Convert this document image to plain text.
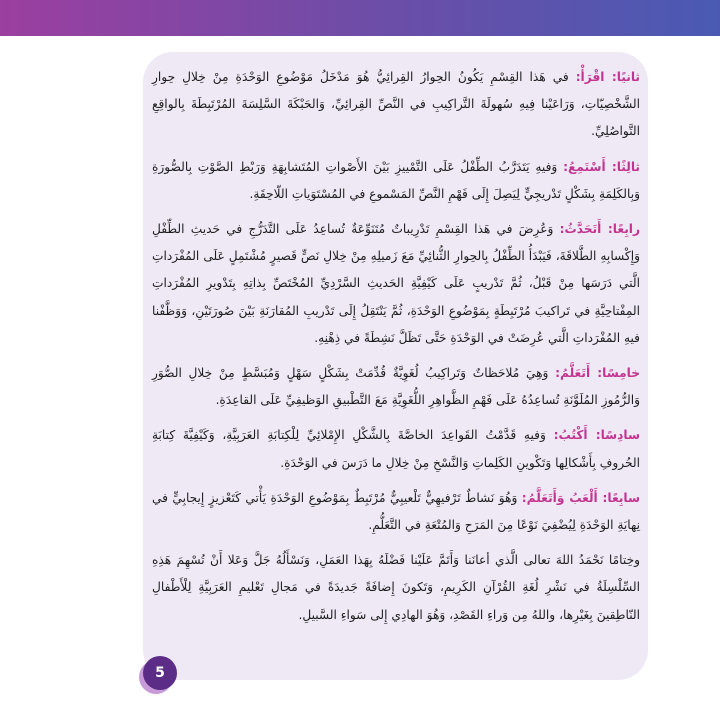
ثانيًا: اقْرَأْ: في هَذا القِسْمِ يَكُونُ الحِوارُ القِرائِيُّ هُوَ مَدْخَلُ مَوْضُوعِ الوَحْدَةِ مِنْ خِلالِ حِوارِ الشَّخْصِيّاتِ، وَرَاعَيْنا فِيهِ سُهولَةَ التَّراكِيبِ في النَّصِّ القِرائِيِّ، وَالحَبْكَةَ السَّلِسَةَ المُرْتَبِطَةَ بِالواقِعِ التَّواصُلِيِّ.

ثالِثًا: أَسْتَمِعُ: وَفيهِ يَتَدَرَّبُ الطِّفْلُ عَلَى التَّمْييزِ بَيْنَ الأَصْواتِ المُتَشابِهَةِ وَرَبْطِ الصَّوْتِ بِالصُّورَةِ وَبِالكَلِمَةِ بِشَكْلٍ تَدْريجِيٍّ لِيَصِلَ إِلَى فَهْمِ النَّصِّ المَسْموعِ في المُسْتَوَياتِ اللّاحِقَةِ.

رابِعًا: أَتَحَدَّثُ: وَعُرِضَ في هَذا القِسْمِ تَدْرِيباتٌ مُتَنَوِّعَةٌ تُساعِدُ عَلَى التَّدَرُّجِ في حَديثِ الطِّفْلِ وَإِكْسابِهِ الطَّلاقَةَ، فَيَبْدَأُ الطِّفْلُ بِالحِوارِ الثُّنائِيِّ مَعَ زَميلِهِ مِنْ خِلالِ نَصٍّ قَصيرٍ مُشْتَمِلٍ عَلَى المُفْرَداتِ الَّتي دَرَسَها مِنْ قَبْلُ، ثُمَّ تَدْريبٍ عَلَى كَيْفِيَّةِ الحَديثِ السَّرْدِيِّ المُخْتَصِّ بِذاتِهِ بِتَدْويرِ المُفْرَداتِ المِفْتاحِيَّةِ في تَراكيبَ مُرْتَبِطَةٍ بِمَوْضُوعِ الوَحْدَةِ، ثُمَّ يَنْتَقِلُ إِلَى تَدْريبِ المُقارَنَةِ بَيْنَ صُورَتَيْنِ، وَوَظَّفْنا فيهِ المُفْرَداتِ الَّتي عُرِضَتْ في الوَحْدَةِ حَتَّى تَظَلَّ نَشِطَةً في ذِهْنِهِ.

خامِسًا: أَتَعَلَّمُ: وَهِيَ مُلاحَظاتٌ وَتَراكِيبُ لُغَوِيَّةٌ قُدِّمَتْ بِشَكْلٍ سَهْلٍ وَمُبَسَّطٍ مِنْ خِلالِ الصُّوَرِ وَالرُّمُوزِ المُلَوَّنَةِ تُساعِدُهُ عَلَى فَهْمِ الظَّواهِرِ اللُّغَوِيَّةِ مَعَ التَّطْبيقِ الوَظيفِيِّ عَلَى القاعِدَةِ.

سادِسًا: أَكْتُبُ: وَفيهِ قَدَّمْتُ القَواعِدَ الخاصَّةَ بِالشَّكْلِ الإِمْلائِيِّ لِلْكِتابَةِ العَرَبِيَّةِ، وَكَيْفِيَّةَ كِتابَةِ الحُروفِ بِأَشْكالِها وَتَكْوينِ الكَلِماتِ وَالنَّسْخِ مِنْ خِلالِ ما دَرَسَ في الوَحْدَةِ.

سابِعًا: أَلْعَبُ وَأَتَعَلَّمُ: وَهُوَ نَشاطٌ تَرْفيهِيٌّ تَلْعيبِيٌّ مُرْتَبِطٌ بِمَوْضُوعِ الوَحْدَةِ يَأْتي كَتَعْزيزٍ إِيجابِيٍّ في نِهايَةِ الوَحْدَةِ لِيُضْفِيَ نَوْعًا مِنَ المَرَحِ وَالمُتْعَةِ في التَّعَلُّمِ.

وخِتامًا نَحْمَدُ اللهَ تعالى الَّذي أعانَنا وَأَتَمَّ عَلَيْنا فَضْلَهُ بِهَذا العَمَلِ، وَنَسْأَلُهُ جَلَّ وَعَلا أَنْ تُسْهِمَ هَذِهِ السِّلْسِلَةُ في نَشْرِ لُغَةِ القُرْآنِ الكَرِيمِ، وَتَكونَ إِضافَةً جَديدَةً في مَجالِ تَعْليمِ العَرَبِيَّةِ لِلْأَطْفالِ النّاطِقينَ بِغَيْرِها، واللهُ مِن وَراءِ القَصْدِ، وَهُوَ الهادِي إِلى سَواءِ السَّبيلِ.

5
